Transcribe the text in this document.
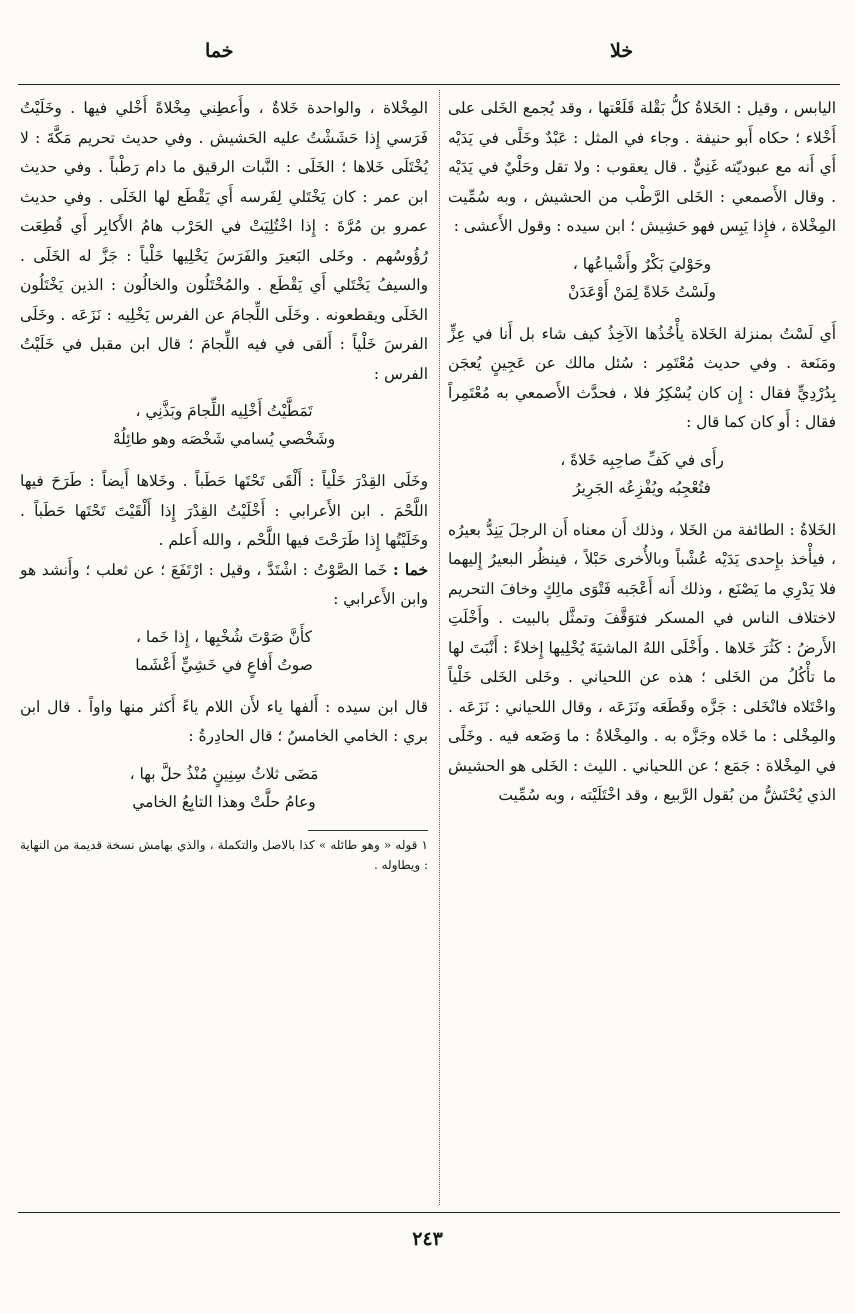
خلا
خما

اليابس ، وقيل : الخَلاةُ كلُّ بَقْلة قَلَعْتها ، وقد يُجمع الخَلى على أَخْلاء ؛ حكاه أَبو حنيفة . وجاء في المثل : عَبْدٌ وخَلًى في يَدَيْه أَي أَنه مع عبوديّته غَنِيٌّ . قال يعقوب : ولا تقل وحَلْيٌ في يَدَيْه . وقال الأَصمعي : الخَلى الرَّطْب من الحشيش ، وبه سُمِّيت المِخْلاة ، فإِذا يَبِس فهو حَشِيش ؛ ابن سيده : وقول الأَعشى :

وحَوْليَ بَكْرٌ وأَشْياعُها ،
ولَسْتُ خَلاةً لِمَنْ أَوْعَدَنْ

أَي لَسْتُ بمنزلة الخَلاة يأْخُذُها الآخِذُ كيف شاء بل أَنا في عِزٍّ ومَنَعة . وفي حديث مُعْتَمِر : سُئل مالك عن عَجِينٍ يُعجَن بِدُرْدِيٍّ فقال : إِن كان يُسْكِرُ فلا ، فحدَّث الأَصمعي به مُعْتَمِراً فقال : أَو كان كما قال :

رأَى في كَفِّ صاحِبِه خَلاةً ،
فتُعْجِبُه ويُفْزِعُه الجَرِيرُ

الخَلاةُ : الطائفة من الخَلا ، وذلك أَن معناه أَن الرجلَ يَنِدُّ بعيرُه ، فيأْخذ بإِحدى يَدَيْه عُشْباً وبالأُخرى حَبْلاً ، فينظُر البعيرُ إِليهما فلا يَدْرِي ما يَصْنَع ، وذلك أَنه أَعْجَبه فَتْوَى مالِكٍ وخافَ التحريم لاختلاف الناس في المسكر فتوَقَّفَ وتمثَّل بالبيت . وأَخْلَتِ الأَرضُ : كَثُرَ خَلاها . وأَخْلَى اللهُ الماشيَةَ يُخْلِيها إِخلاءً : أَنْبَتَ لها ما تأْكُلُ من الخَلى ؛ هذه عن اللحياني . وخَلى الخَلى خَلْياً واخْتَلاه فانْخَلى : جَزَّه وقَطَعَه ونَزَعَه ، وقال اللحياني : نَزَعَه . والمِخْلى : ما خَلاه وجَزَّه به . والمِخْلاةُ : ما وَضَعه فيه . وخَلًى في المِخْلاة : جَمَع ؛ عن اللحياني . الليث : الخَلى هو الحشيش الذي يُحْتَشُّ من بُقول الرَّبيع ، وقد اخْتَلَيْته ، وبه سُمِّيت

المِخْلاة ، والواحدة خَلاةٌ ، وأَعطِني مِخْلاةً أَخْلي فيها . وخَلَيْتُ فَرَسي إِذا حَشَشْتُ عليه الحَشيش . وفي حديث تحريم مَكَّةَ : لا يُخْتَلَى خَلاها ؛ الخَلَى : النَّبات الرقيق ما دام رَطْباً . وفي حديث ابن عمر : كان يَخْتَلي لِفَرسه أَي يَقْطَع لها الخَلَى . وفي حديث عمرو بن مُرَّةَ : إِذا اخْتُلِيَتْ في الحَرْب هامُ الأَكابِر أَي قُطِعَت رُؤُوسُهم . وخَلى البَعيرَ والفَرَسَ يَخْلِيها خَلْياً : جَزَّ له الخَلَى . والسيفُ يَخْتَلي أَي يَقْطَع . والمُخْتَلُون والخالُون : الذين يَخْتَلُون الخَلَى ويقطعونه . وخَلَى اللِّجامَ عن الفرس يَخْلِيه : نَزَعَه . وخَلَى الفرسَ خَلْياً : أَلقى في فيه اللِّجامَ ؛ قال ابن مقبل في خَلَيْتُ الفرس :

تَمَطَّيْتُ أَخْلِيه اللِّجامَ وبَذَّنِي ،
وشَخْصي يُسامي شَخْصَه وهو طائِلُهْ

وخَلَى القِدْرَ خَلْياً : أَلْقَى تَحْتَها حَطَباً . وخَلاها أَيضاً : طَرَحَ فيها اللَّحْمَ . ابن الأَعرابي : أَخْلَيْتُ القِدْرَ إِذا أَلْقَيْتَ تَحْتَها حَطَباً . وخَلَيْتُها إِذا طَرَحْتَ فيها اللَّحْم ، والله أَعلم .

خما : خَما الصَّوْتُ : اشْتَدَّ ، وقيل : ارْتَفَعَ ؛ عن ثعلب ؛ وأَنشد هو وابن الأَعرابي :

كأَنَّ صَوْتَ شُخْبِها ، إِذا خَما ،
صوتُ أَفاعٍ في خَشِيٍّ أَعْشَما

قال ابن سيده : أَلفها ياء لأَن اللام ياءً أَكثر منها واواً . قال ابن بري : الخامي الخامسُ ؛ قال الحادِرةُ :

مَضَى ثلاثُ سِنِينٍ مُنْذُ حلَّ بها ،
وعامُ حلَّتْ وهذا التابِعُ الخامي
١ قوله « وهو طائله » كذا بالاصل والتكملة ، والذي بهامش نسخة قديمة من النهاية : ويطاوله .
٢٤٣
